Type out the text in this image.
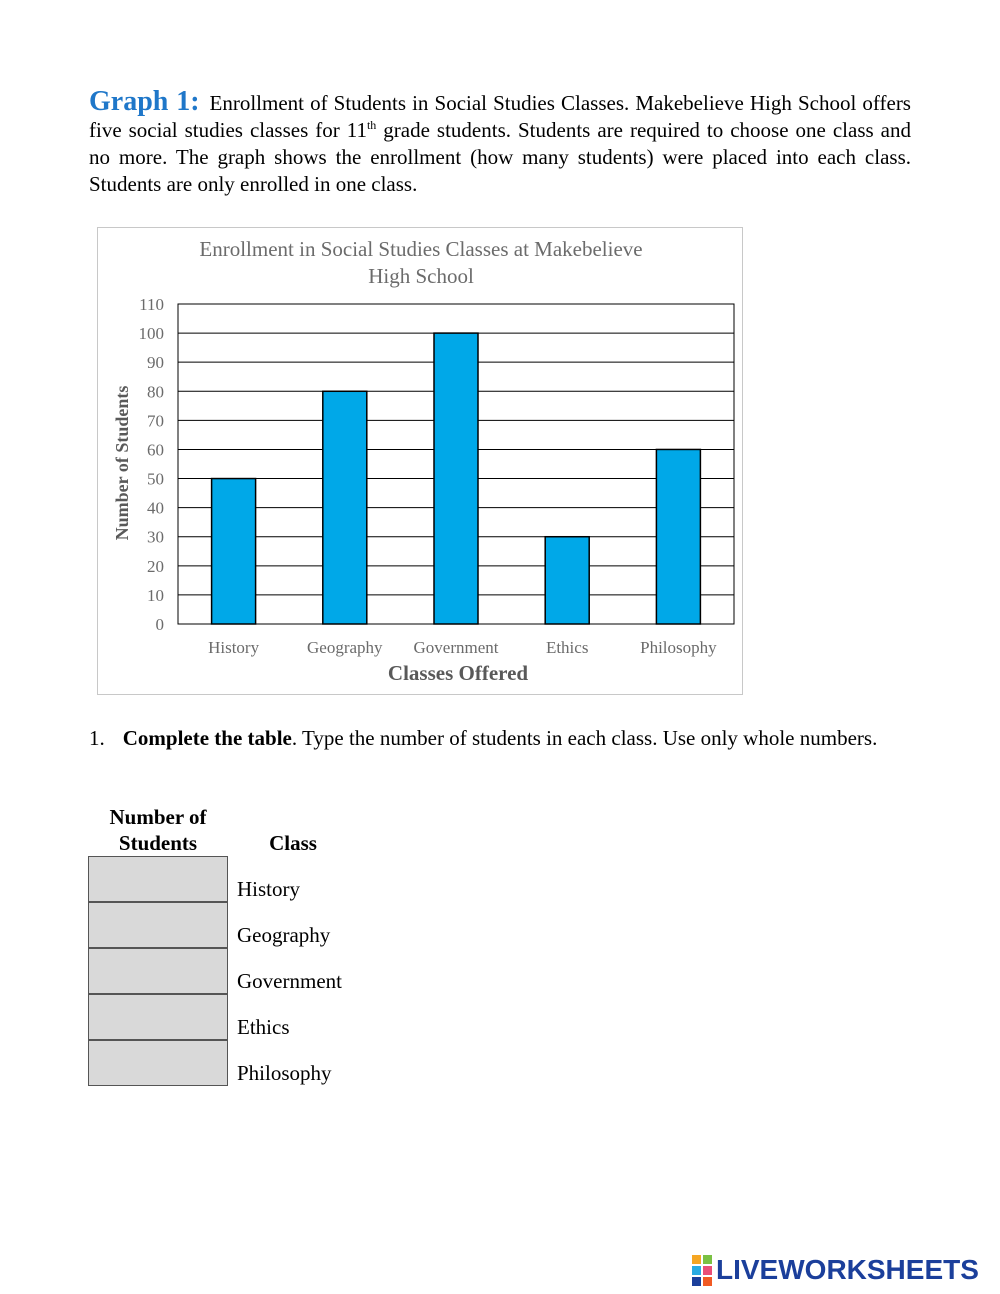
Graph 1: Enrollment of Students in Social Studies Classes. Makebelieve High School offers five social studies classes for 11th grade students. Students are required to choose one class and no more. The graph shows the enrollment (how many students) were placed into each class. Students are only enrolled in one class.

Enrollment in Social Studies Classes at Makebelieve
High School
0
10
20
30
40
50
60
70
80
90
100
110
History	Geography Government	Ethics	Philosophy
Classes Offered
Number of Students

1. Complete the table. Type the number of students in each class. Use only whole numbers.

Number of
Students	Class
History
Geography
Government
Ethics
Philosophy
LIVEWORKSHEETS
